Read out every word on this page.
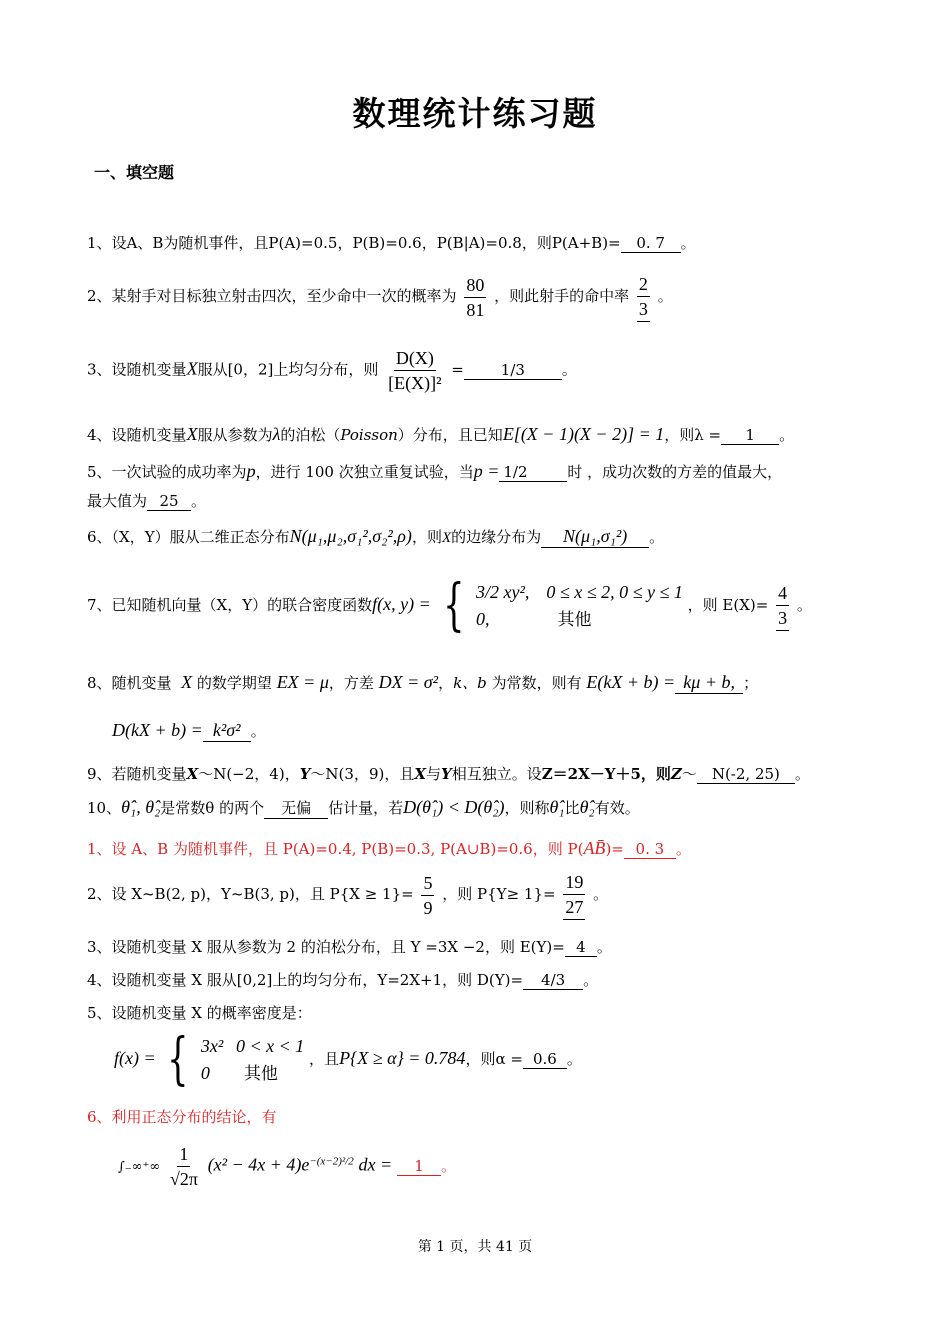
数理统计练习题
一、填空题
1、设A、B为随机事件，且P(A)=0.5，P(B)=0.6，P(B|A)=0.8，则P(A+B)= 0. 7 。
2、某射手对目标独立射击四次，至少命中一次的概率为 $\frac{80}{81}$ ，则此射手的命中率 $\frac{2}{3}$ 。
3、设随机变量X服从[0，2]上均匀分布，则 $\frac{D(X)}{\text{[E(X)]²}} = 1/3$ 。
4、设随机变量X服从参数为λ的泊松（Poisson）分布，且已知E[(X − 1)(X − 2)] = 1，则λ = 1 。
5、一次试验的成功率为p，进行 100 次独立重复试验，当p = 1/2	时 ，成功次数的方差的值最大，
最大值为 25 。
6、（X，Y）服从二维正态分布N(μ₁,μ₂,σ₁²,σ₂²,ρ)，则X的边缘分布为 N(μ₁,σ₁²) 。
7、已知随机向量（X，Y）的联合密度函数f(x, y) = { 3/2 xy², 0 ≤ x ≤ 2, 0 ≤ y ≤ 1
0,	其他
，则 $E(X)= \frac{4}{3}$ 。
8、随机变量 X 的数学期望 EX = μ，方差 DX = σ²，k、b 为常数，则有 E(kX + b) = kμ + b, ；
D(kX + b) = k²σ² 。
9、若随机变量X～N(−2，4)，Y～N(3，9)，且X与Y相互独立。设Z＝2X－Y＋5，则Z～ N(-2, 25) 。
10、θ̂₁, θ̂₂是常数θ 的两个 无偏 估计量，若D(θ̂₁) < D(θ̂₂)，则称θ̂₁比θ̂₂有效。
1、设 A、B 为随机事件，且 P(A)=0.4, P(B)=0.3, P(A∪B)=0.6，则 P(AB̄)= 0. 3 。
2、设 X~B(2, p)，Y~B(3, p)，且 $P\{X \ge 1\}= \frac{5}{9}$ ，则 $P\{Y\ge 1\}= \frac{19}{27}$ 。
3、设随机变量 X 服从参数为 2 的泊松分布，且 Y =3X −2，则 E(Y)= 4 。
4、设随机变量 X 服从[0,2]上的均匀分布，Y=2X+1，则 D(Y)= 4/3 。
5、设随机变量 X 的概率密度是：
f(x) = { 3x² 0 < x < 1
0 其他
，且P{X ≥ α} = 0.784，则α = 0.6 。
6、利用正态分布的结论，有
∫₋∞⁺∞ $\frac{1}{√2\pi} (x^2 - 4x + 4)e^{-(x-2)^2/2}$ dx = 1 。
第 1 页，共 41 页
